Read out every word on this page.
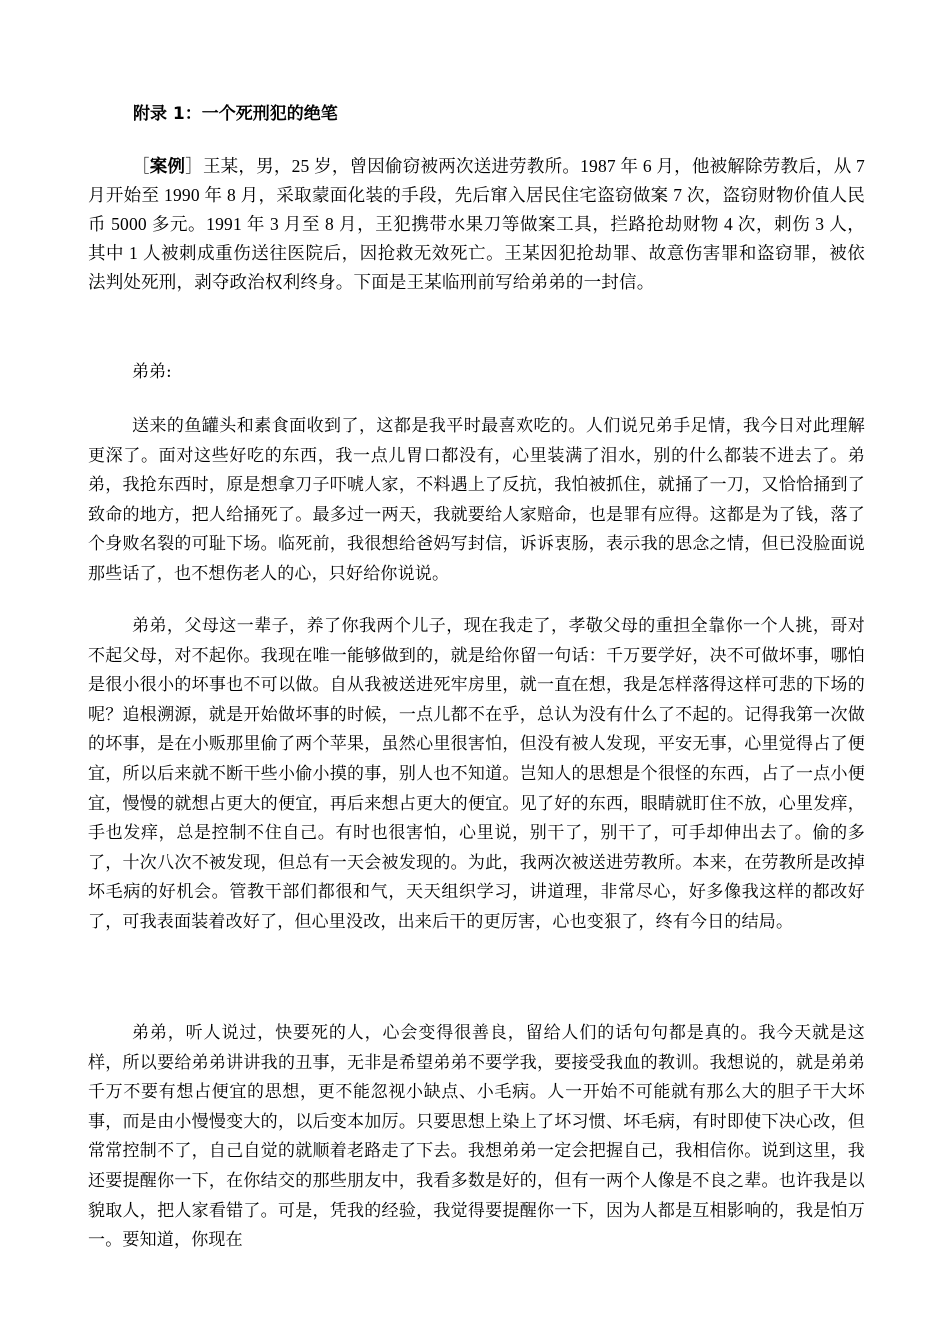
附录 1：一个死刑犯的绝笔

［案例］王某，男，25 岁，曾因偷窃被两次送进劳教所。1987 年 6 月，他被解除劳教后，从 7 月开始至 1990 年 8 月，采取蒙面化装的手段，先后窜入居民住宅盗窃做案 7 次，盗窃财物价值人民币 5000 多元。1991 年 3 月至 8 月，王犯携带水果刀等做案工具，拦路抢劫财物 4 次，刺伤 3 人，其中 1 人被刺成重伤送往医院后，因抢救无效死亡。王某因犯抢劫罪、故意伤害罪和盗窃罪，被依法判处死刑，剥夺政治权利终身。下面是王某临刑前写给弟弟的一封信。

弟弟:

送来的鱼罐头和素食面收到了，这都是我平时最喜欢吃的。人们说兄弟手足情，我今日对此理解更深了。面对这些好吃的东西，我一点儿胃口都没有，心里装满了泪水，别的什么都装不进去了。弟弟，我抢东西时，原是想拿刀子吓唬人家，不料遇上了反抗，我怕被抓住，就捅了一刀，又恰恰捅到了致命的地方，把人给捅死了。最多过一两天，我就要给人家赔命，也是罪有应得。这都是为了钱，落了个身败名裂的可耻下场。临死前，我很想给爸妈写封信，诉诉衷肠，表示我的思念之情，但已没脸面说那些话了，也不想伤老人的心，只好给你说说。

弟弟，父母这一辈子，养了你我两个儿子，现在我走了，孝敬父母的重担全靠你一个人挑，哥对不起父母，对不起你。我现在唯一能够做到的，就是给你留一句话：千万要学好，决不可做坏事，哪怕是很小很小的坏事也不可以做。自从我被送进死牢房里，就一直在想，我是怎样落得这样可悲的下场的呢？追根溯源，就是开始做坏事的时候，一点儿都不在乎，总认为没有什么了不起的。记得我第一次做的坏事，是在小贩那里偷了两个苹果，虽然心里很害怕，但没有被人发现，平安无事，心里觉得占了便宜，所以后来就不断干些小偷小摸的事，别人也不知道。岂知人的思想是个很怪的东西，占了一点小便宜，慢慢的就想占更大的便宜，再后来想占更大的便宜。见了好的东西，眼睛就盯住不放，心里发痒，手也发痒，总是控制不住自己。有时也很害怕，心里说，别干了，别干了，可手却伸出去了。偷的多了，十次八次不被发现，但总有一天会被发现的。为此，我两次被送进劳教所。本来，在劳教所是改掉坏毛病的好机会。管教干部们都很和气，天天组织学习，讲道理，非常尽心，好多像我这样的都改好了，可我表面装着改好了，但心里没改，出来后干的更厉害，心也变狠了，终有今日的结局。

弟弟，听人说过，快要死的人，心会变得很善良，留给人们的话句句都是真的。我今天就是这样，所以要给弟弟讲讲我的丑事，无非是希望弟弟不要学我，要接受我血的教训。我想说的，就是弟弟千万不要有想占便宜的思想，更不能忽视小缺点、小毛病。人一开始不可能就有那么大的胆子干大坏事，而是由小慢慢变大的，以后变本加厉。只要思想上染上了坏习惯、坏毛病，有时即使下决心改，但常常控制不了，自己自觉的就顺着老路走了下去。我想弟弟一定会把握自己，我相信你。说到这里，我还要提醒你一下，在你结交的那些朋友中，我看多数是好的，但有一两个人像是不良之辈。也许我是以貌取人，把人家看错了。可是，凭我的经验，我觉得要提醒你一下，因为人都是互相影响的，我是怕万一。要知道，你现在
